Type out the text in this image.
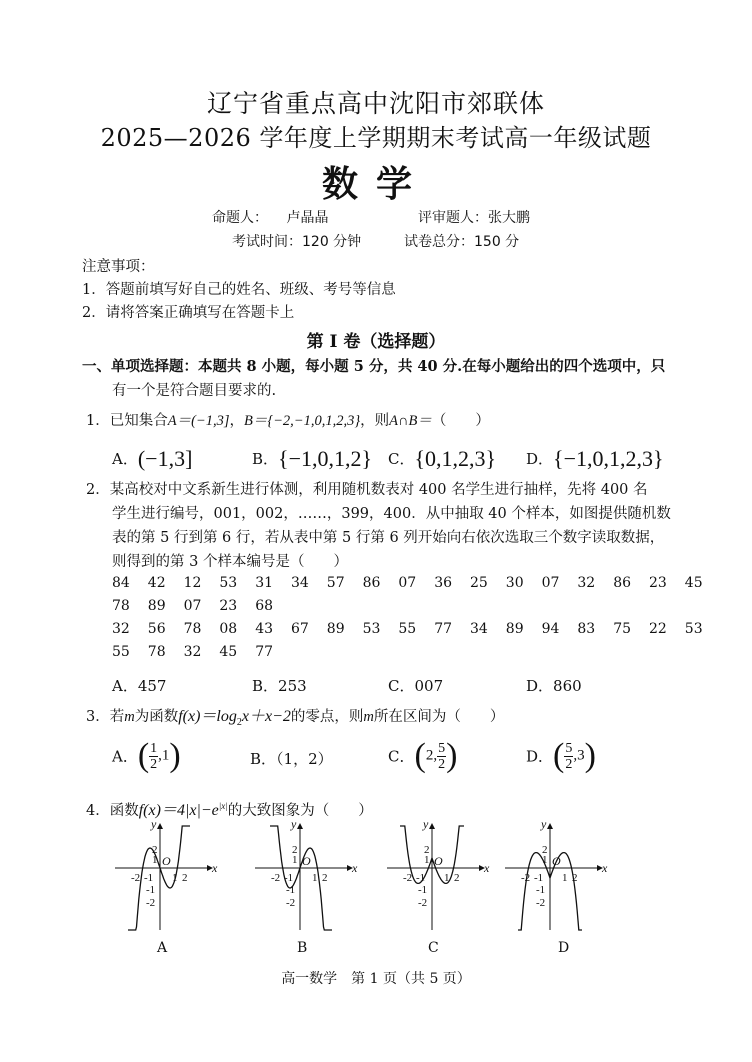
辽宁省重点高中沈阳市郊联体
2025—2026 学年度上学期期末考试高一年级试题
数学
命题人： 卢晶晶	评审题人：张大鹏
考试时间：120 分钟	试卷总分：150 分
注意事项：
1．答题前填写好自己的姓名、班级、考号等信息
2．请将答案正确填写在答题卡上
第 I 卷（选择题）
一、单项选择题：本题共 8 小题，每小题 5 分，共 40 分.在每小题给出的四个选项中，只
有一个是符合题目要求的.
1．已知集合A＝(−1,3]，B＝{−2,−1,0,1,2,3}，则A∩B＝（　　）
A．(−1,3]	B．{−1,0,1,2} C．{0,1,2,3} D．{−1,0,1,2,3}
2．某高校对中文系新生进行体测，利用随机数表对 400 名学生进行抽样，先将 400 名
学生进行编号，001，002，……，399，400．从中抽取 40 个样本，如图提供随机数
表的第 5 行到第 6 行，若从表中第 5 行第 6 列开始向右依次选取三个数字读取数据，
则得到的第 3 个样本编号是（　　）
84 42 12 53 31 34 57 86 07 36 25 30 07 32 86 23 45
78 89 07 23 68
32 56 78 08 43 67 89 53 55 77 34 89 94 83 75 22 53
55 78 32 45 77
A．457	B．253	C．007	D．860
3．若m为函数$f(x)=\log_2x+x-2$的零点，则m所在区间为（　　）
A．( $\frac{1}{2} ,1$)	B．（1，2）	C．(2, $\frac{5}{2}$ )	D．( $\frac{5}{2} ,3$)
4．函数$f(x)=4|x|-e^{|x|}$的大致图象为（　　）
x
y
O
2
1
-2 -1 1 2
-1
-2
x
y
O
2
1
-2 -1 1 2
-1
-2
x
y
O
2
1
-2 -1 1 2
-1
-2
x
y
O
2
1
-2 -1 1 2
-1
-2
A	B	C	D
高一数学　第 1 页（共 5 页）
